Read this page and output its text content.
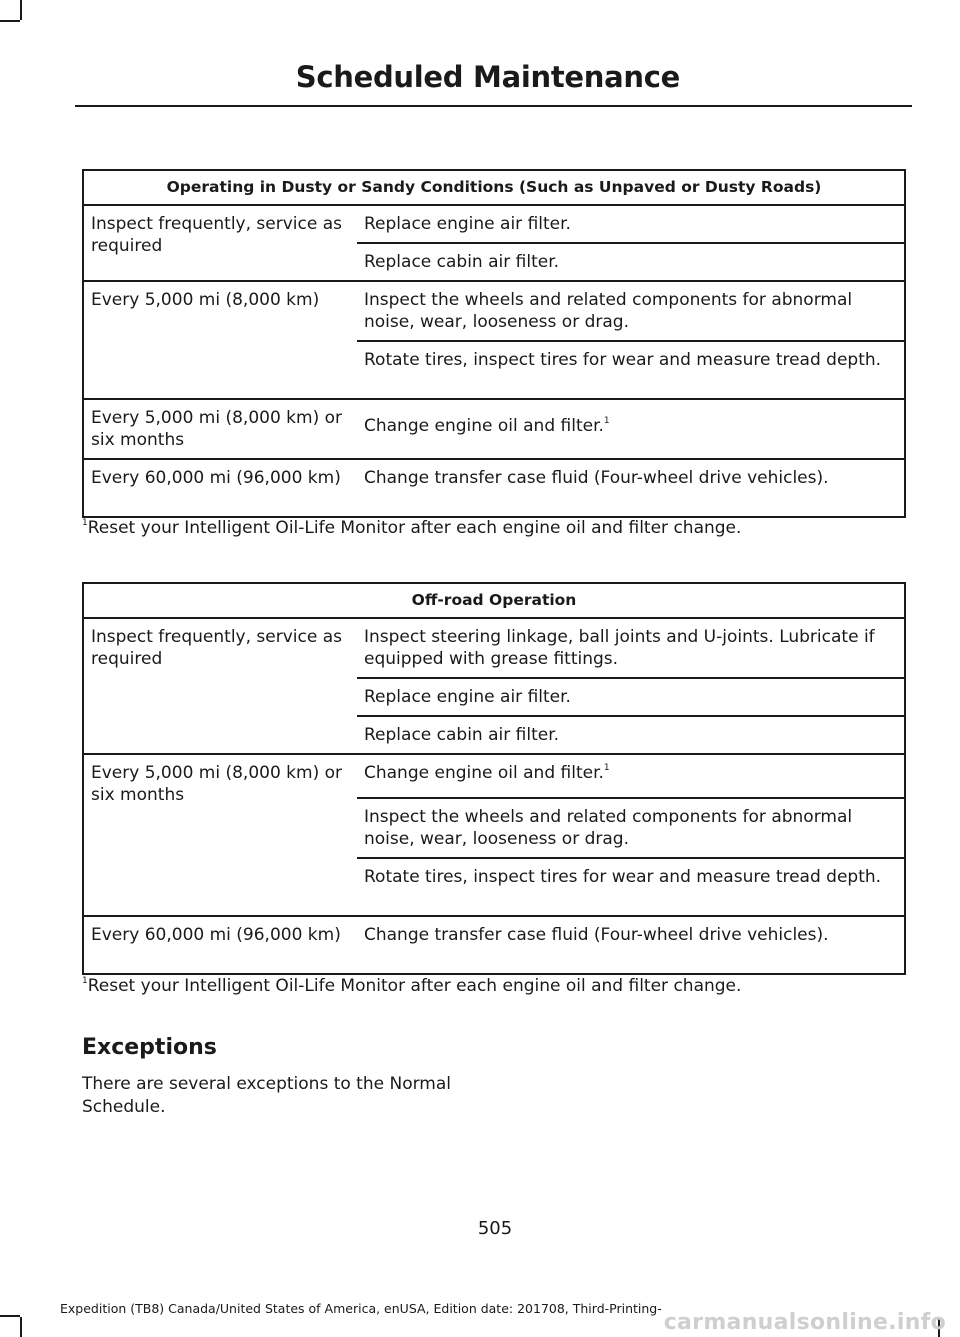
Scheduled Maintenance
Operating in Dusty or Sandy Conditions (Such as Unpaved or Dusty Roads)	
Inspect frequently, service as required	Replace engine air filter.
	Replace cabin air filter.
Every 5,000 mi (8,000 km)	Inspect the wheels and related components for abnormal noise, wear, looseness or drag.
	Rotate tires, inspect tires for wear and measure tread depth.
Every 5,000 mi (8,000 km) or six months	Change engine oil and filter.$^1$
Every 60,000 mi (96,000 km)	Change transfer case fluid (Four-wheel drive vehicles).
$^1$Reset your Intelligent Oil-Life Monitor after each engine oil and filter change.
Off-road Operation	
Inspect frequently, service as required	Inspect steering linkage, ball joints and U-joints. Lubricate if equipped with grease fittings.
	Replace engine air filter.
	Replace cabin air filter.
Every 5,000 mi (8,000 km) or six months	Change engine oil and filter.$^1$
	Inspect the wheels and related components for abnormal noise, wear, looseness or drag.
	Rotate tires, inspect tires for wear and measure tread depth.
Every 60,000 mi (96,000 km)	Change transfer case fluid (Four-wheel drive vehicles).
$^1$Reset your Intelligent Oil-Life Monitor after each engine oil and filter change.
Exceptions
There are several exceptions to the Normal Schedule.
505
Expedition (TB8) Canada/United States of America, enUSA, Edition date: 201708, Third-Printing-
carmanualsonline.info
